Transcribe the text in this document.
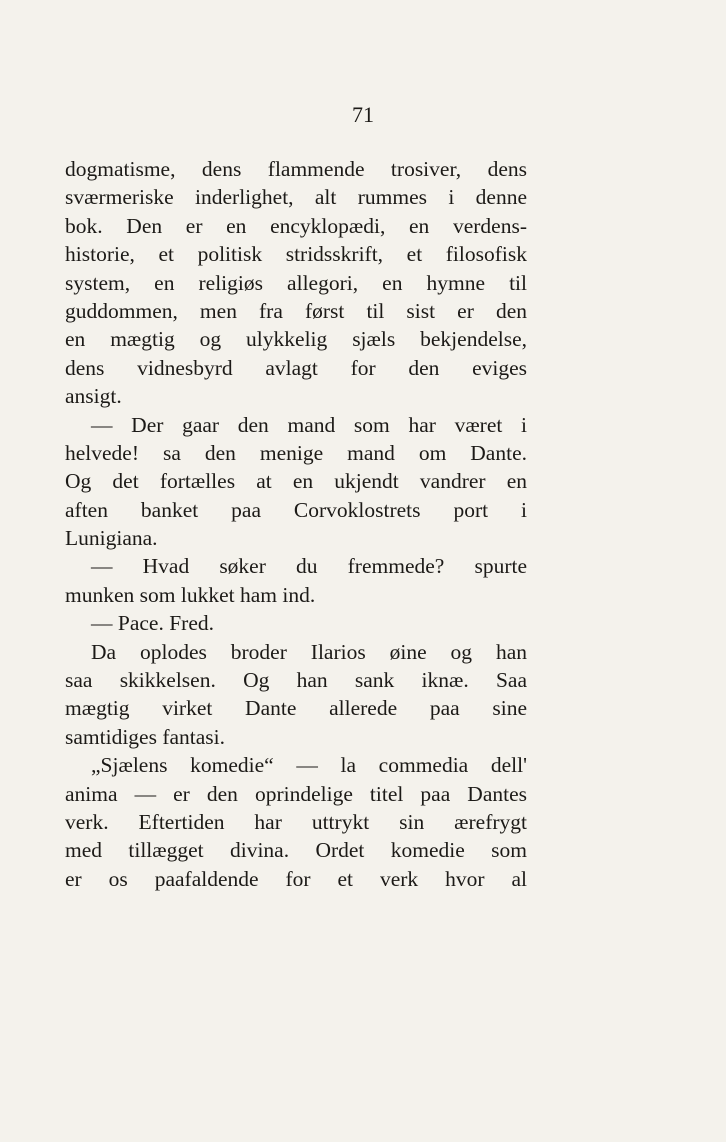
71
dogmatisme, dens flammende trosiver, dens
sværmeriske inderlighet, alt rummes i denne
bok. Den er en encyklopædi, en verdens-
historie, et politisk stridsskrift, et filosofisk
system, en religiøs allegori, en hymne til
guddommen, men fra først til sist er den
en mægtig og ulykkelig sjæls bekjendelse,
dens vidnesbyrd avlagt for den eviges
ansigt.
— Der gaar den mand som har været i
helvede! sa den menige mand om Dante.
Og det fortælles at en ukjendt vandrer en
aften banket paa Corvoklostrets port i
Lunigiana.
— Hvad søker du fremmede? spurte
munken som lukket ham ind.
— Pace. Fred.
Da oplodes broder Ilarios øine og han
saa skikkelsen. Og han sank iknæ. Saa
mægtig virket Dante allerede paa sine
samtidiges fantasi.
„Sjælens komedie“ — la commedia dell'
anima — er den oprindelige titel paa Dantes
verk. Eftertiden har uttrykt sin ærefrygt
med tillægget divina. Ordet komedie som
er os paafaldende for et verk hvor al
